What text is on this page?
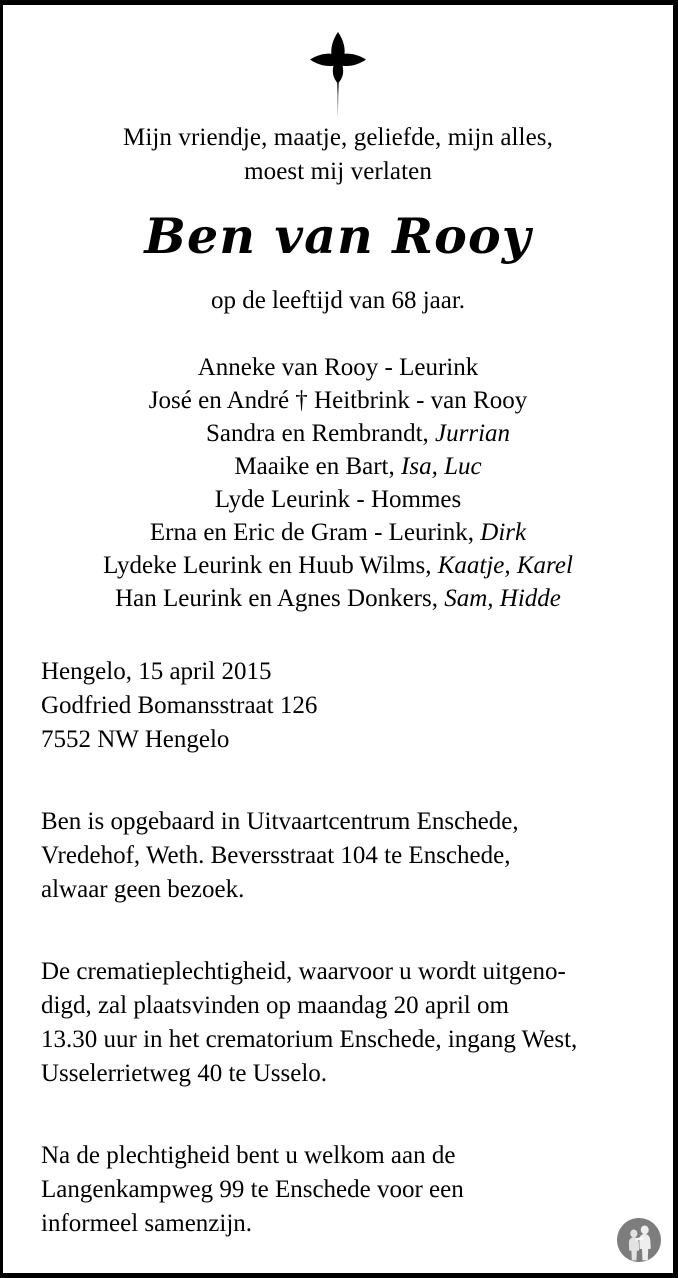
Mijn vriendje, maatje, geliefde, mijn alles,
moest mij verlaten
Ben van Rooy
op de leeftijd van 68 jaar.
Anneke van Rooy - Leurink
José en André † Heitbrink - van Rooy
Sandra en Rembrandt, Jurrian
Maaike en Bart, Isa, Luc
Lyde Leurink - Hommes
Erna en Eric de Gram - Leurink, Dirk
Lydeke Leurink en Huub Wilms, Kaatje, Karel
Han Leurink en Agnes Donkers, Sam, Hidde
Hengelo, 15 april 2015
Godfried Bomansstraat 126
7552 NW Hengelo
Ben is opgebaard in Uitvaartcentrum Enschede,
Vredehof, Weth. Beversstraat 104 te Enschede,
alwaar geen bezoek.
De crematieplechtigheid, waarvoor u wordt uitgeno-
digd, zal plaatsvinden op maandag 20 april om
13.30 uur in het crematorium Enschede, ingang West,
Usselerrietweg 40 te Usselo.
Na de plechtigheid bent u welkom aan de
Langenkampweg 99 te Enschede voor een
informeel samenzijn.
